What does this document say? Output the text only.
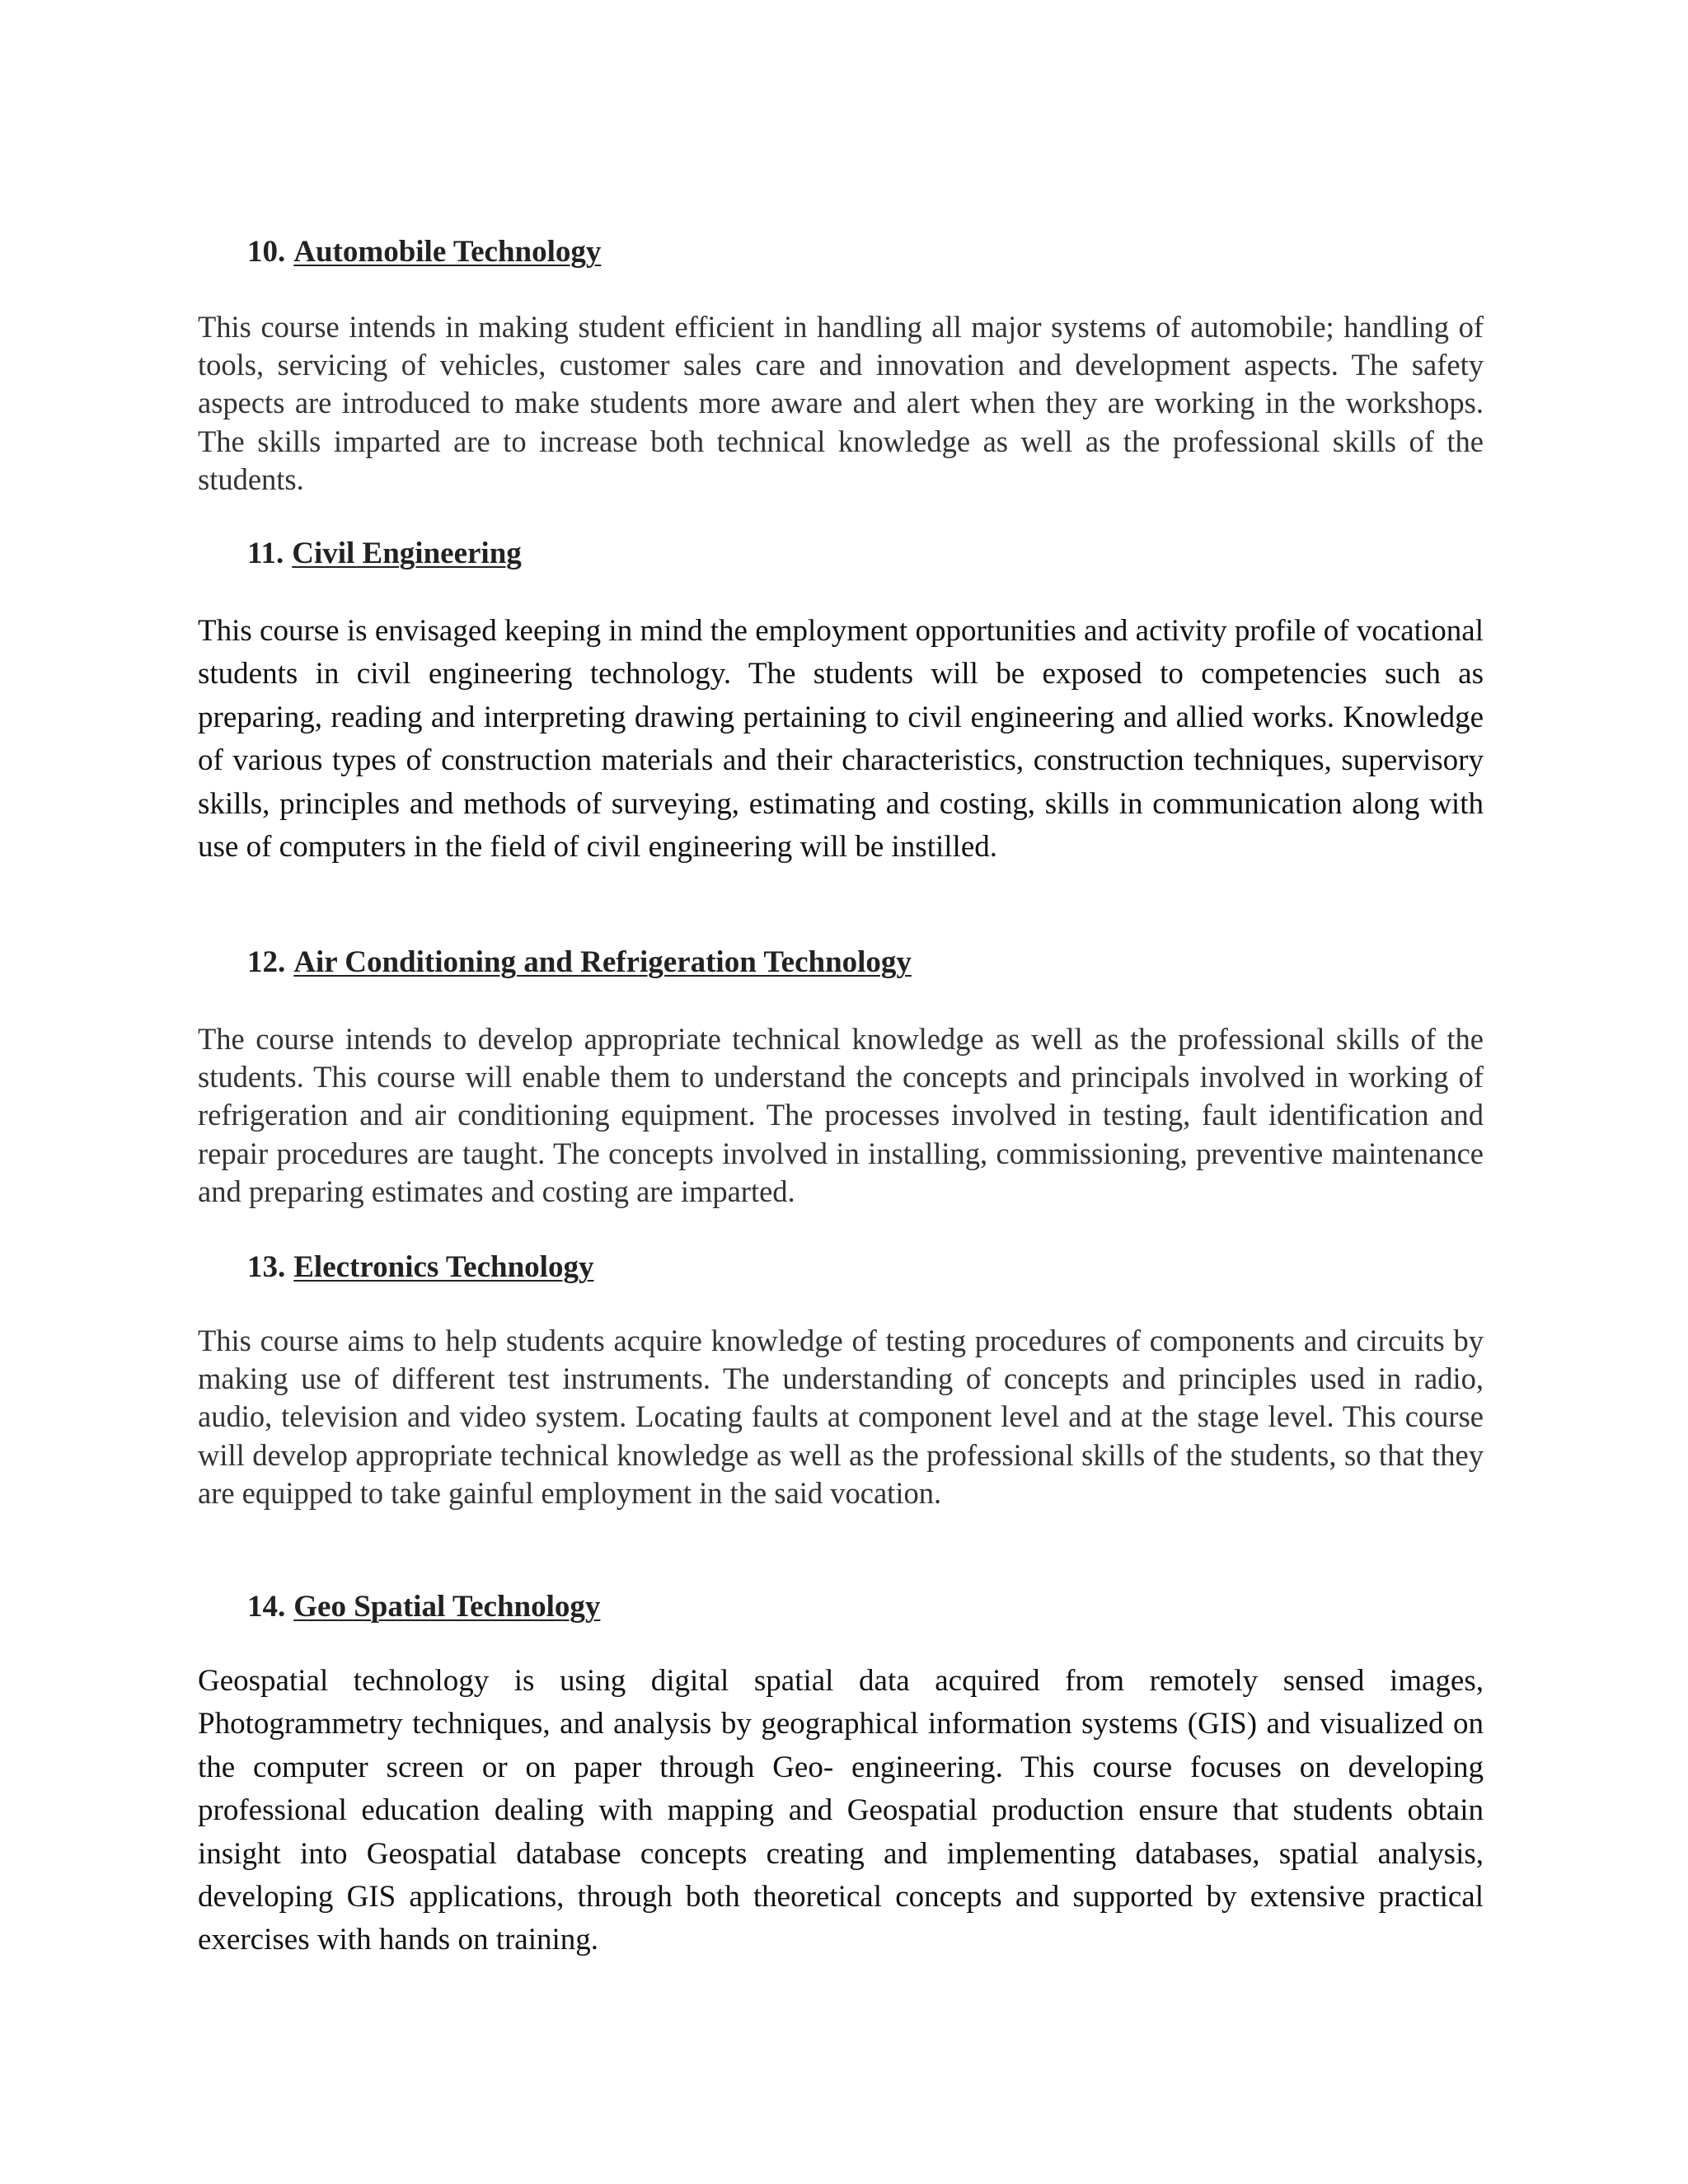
10. Automobile Technology

This course intends in making student efficient in handling all major systems of automobile; handling of tools, servicing of vehicles, customer sales care and innovation and development aspects. The safety aspects are introduced to make students more aware and alert when they are working in the workshops. The skills imparted are to increase both technical knowledge as well as the professional skills of the students.

11. Civil Engineering

This course is envisaged keeping in mind the employment opportunities and activity profile of vocational students in civil engineering technology. The students will be exposed to competencies such as preparing, reading and interpreting drawing pertaining to civil engineering and allied works. Knowledge of various types of construction materials and their characteristics, construction techniques, supervisory skills, principles and methods of surveying, estimating and costing, skills in communication along with use of computers in the field of civil engineering will be instilled.

12. Air Conditioning and Refrigeration Technology

The course intends to develop appropriate technical knowledge as well as the professional skills of the students. This course will enable them to understand the concepts and principals involved in working of refrigeration and air conditioning equipment. The processes involved in testing, fault identification and repair procedures are taught. The concepts involved in installing, commissioning, preventive maintenance and preparing estimates and costing are imparted.

13. Electronics Technology

This course aims to help students acquire knowledge of testing procedures of components and circuits by making use of different test instruments. The understanding of concepts and principles used in radio, audio, television and video system. Locating faults at component level and at the stage level. This course will develop appropriate technical knowledge as well as the professional skills of the students, so that they are equipped to take gainful employment in the said vocation.

14. Geo Spatial Technology

Geospatial technology is using digital spatial data acquired from remotely sensed images, Photogrammetry techniques, and analysis by geographical information systems (GIS) and visualized on the computer screen or on paper through Geo- engineering. This course focuses on developing professional education dealing with mapping and Geospatial production ensure that students obtain insight into Geospatial database concepts creating and implementing databases, spatial analysis, developing GIS applications, through both theoretical concepts and supported by extensive practical exercises with hands on training.
